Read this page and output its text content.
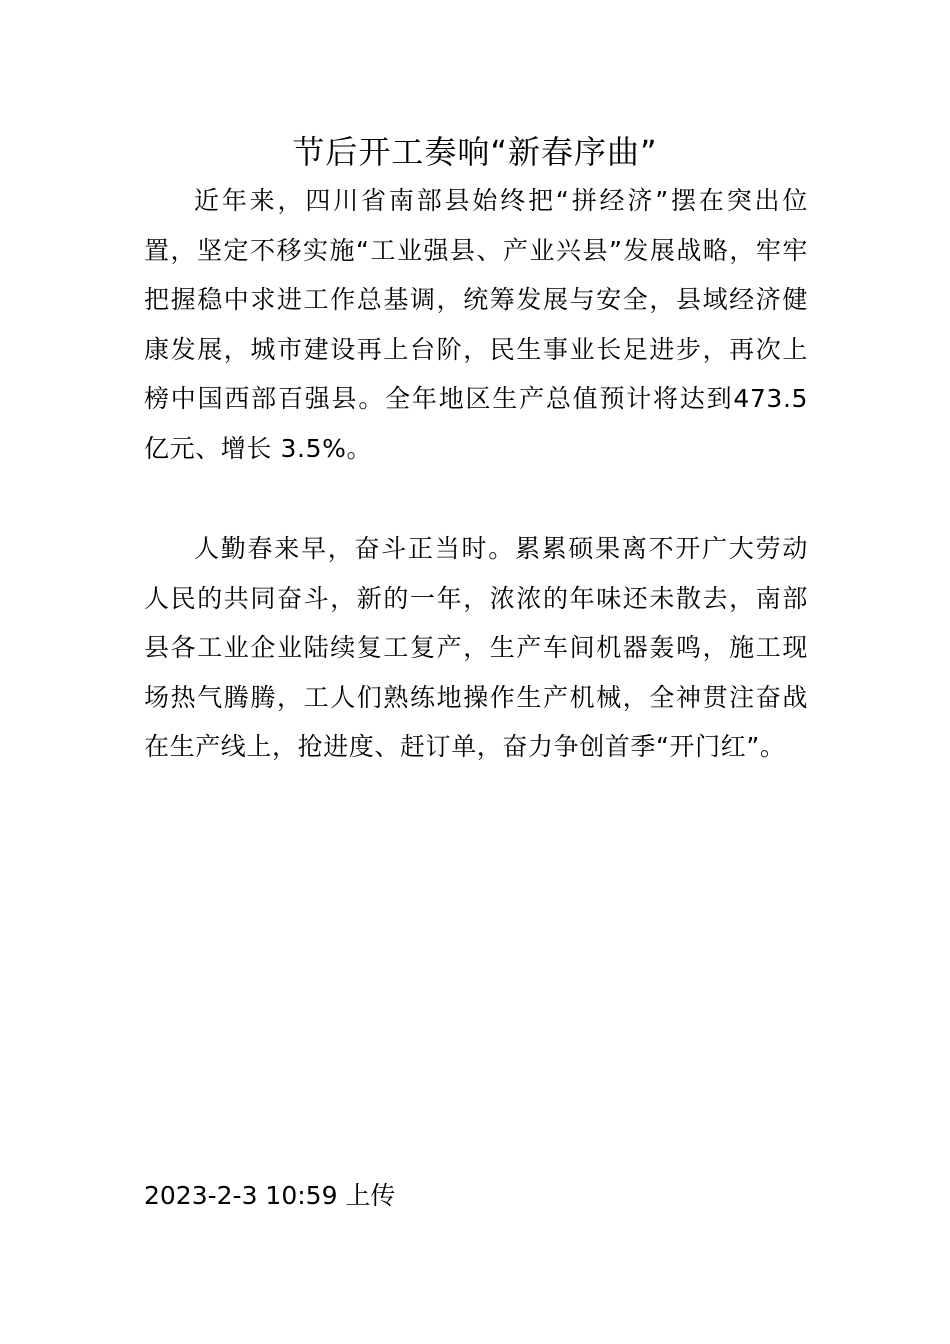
节后开工奏响“新春序曲”

近年来，四川省南部县始终把“拼经济”摆在突出位置，坚定不移实施“工业强县、产业兴县”发展战略，牢牢把握稳中求进工作总基调，统筹发展与安全，县域经济健康发展，城市建设再上台阶，民生事业长足进步，再次上榜中国西部百强县。全年地区生产总值预计将达到473.5 亿元、增长 3.5%。

人勤春来早，奋斗正当时。累累硕果离不开广大劳动人民的共同奋斗，新的一年，浓浓的年味还未散去，南部县各工业企业陆续复工复产，生产车间机器轰鸣，施工现场热气腾腾，工人们熟练地操作生产机械，全神贯注奋战在生产线上，抢进度、赶订单，奋力争创首季“开门红”。

2023-2-3 10:59 上传
